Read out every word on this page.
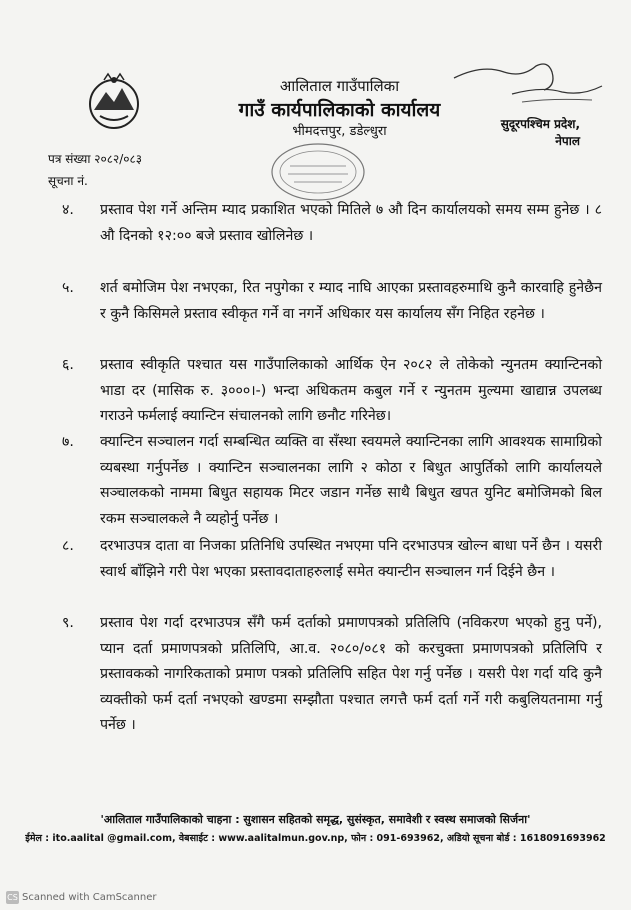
आलिताल गाउँपालिका
गाउँ कार्यपालिकाको कार्यालय
भीमदत्तपुर, डडेल्धुरा	सुदूरपश्चिम प्रदेश,
नेपाल
पत्र संख्या २०८२/०८३
सूचना नं.
४.	प्रस्ताव पेश गर्ने अन्तिम म्याद प्रकाशित भएको मितिले ७ औ दिन कार्यालयको समय सम्म हुनेछ । ८ औ दिनको १२:०० बजे प्रस्ताव खोलिनेछ ।
५.	शर्त बमोजिम पेश नभएका, रित नपुगेका र म्याद नाघि आएका प्रस्तावहरुमाथि कुनै कारवाहि हुनेछैन र कुनै किसिमले प्रस्ताव स्वीकृत गर्ने वा नगर्ने अधिकार यस कार्यालय सँग निहित रहनेछ ।
६.	प्रस्ताव स्वीकृति पश्चात यस गाउँपालिकाको आर्थिक ऐन २०८२ ले तोकेको न्युनतम क्यान्टिनको भाडा दर (मासिक रु. ३०००।-) भन्दा अधिकतम कबुल गर्ने र न्युनतम मुल्यमा खाद्यान्न उपलब्ध गराउने फर्मलाई क्यान्टिन संचालनको लागि छनौट गरिनेछ।
७.	क्यान्टिन सञ्चालन गर्दा सम्बन्धित व्यक्ति वा सँस्था स्वयमले क्यान्टिनका लागि आवश्यक सामाग्रिको व्यबस्था गर्नुपर्नेछ । क्यान्टिन सञ्चालनका लागि २ कोठा र बिधुत आपुर्तिको लागि कार्यालयले सञ्चालकको नाममा बिधुत सहायक मिटर जडान गर्नेछ साथै बिधुत खपत युनिट बमोजिमको बिल रकम सञ्चालकले नै व्यहोर्नु पर्नेछ ।
८.	दरभाउपत्र दाता वा निजका प्रतिनिधि उपस्थित नभएमा पनि दरभाउपत्र खोल्न बाधा पर्ने छैन । यसरी स्वार्थ बाँझिने गरी पेश भएका प्रस्तावदाताहरुलाई समेत क्यान्टीन सञ्चालन गर्न दिईने छैन ।
९.	प्रस्ताव पेश गर्दा दरभाउपत्र सँगै फर्म दर्ताको प्रमाणपत्रको प्रतिलिपि (नविकरण भएको हुनु पर्ने), प्यान दर्ता प्रमाणपत्रको प्रतिलिपि, आ.व. २०८०/०८१ को करचुक्ता प्रमाणपत्रको प्रतिलिपि र प्रस्तावकको नागरिकताको प्रमाण पत्रको प्रतिलिपि सहित पेश गर्नु पर्नेछ । यसरी पेश गर्दा यदि कुनै व्यक्तीको फर्म दर्ता नभएको खण्डमा सम्झौता पश्चात लगत्तै फर्म दर्ता गर्ने गरी कबुलियतनामा गर्नु पर्नेछ ।
'आलिताल गाउँपालिकाको चाहना : सुशासन सहितको समृद्ध, सुसंस्कृत, समावेशी र स्वस्थ समाजको सिर्जना'
ईमेल : ito.aalital @gmail.com, वेबसाईट : www.aalitalmun.gov.np, फोन : 091-693962, अडियो सूचना बोर्ड : 1618091693962
CS Scanned with CamScanner
